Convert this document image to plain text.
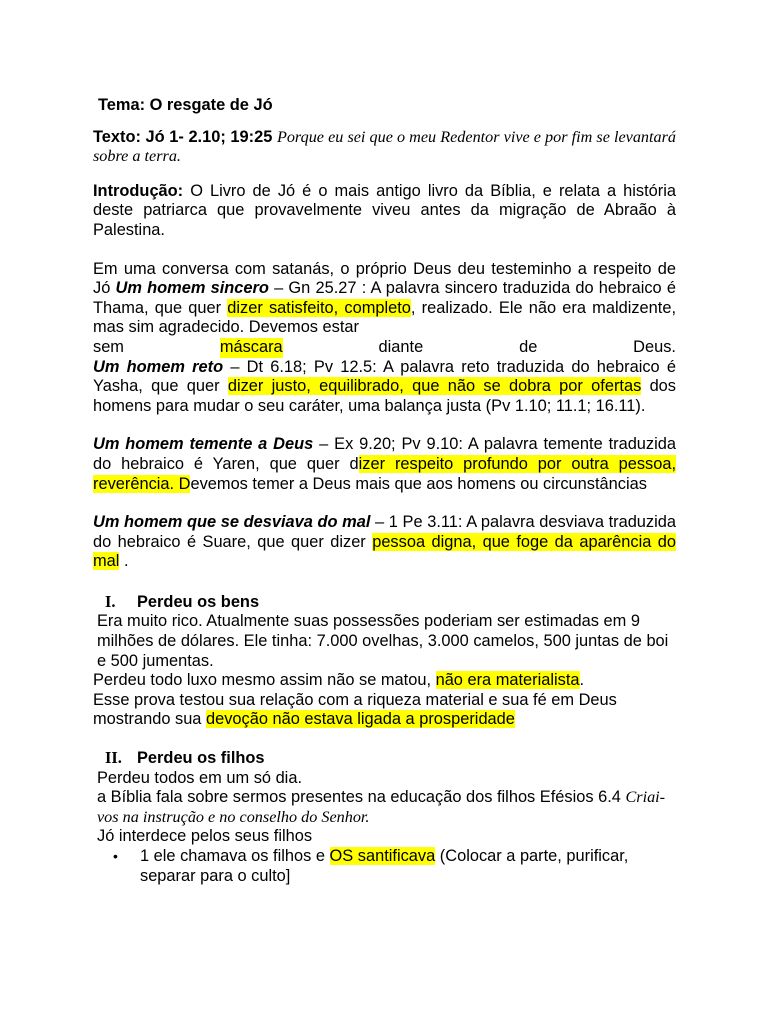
Tema: O resgate de Jó

Texto: Jó 1- 2.10; 19:25 Porque eu sei que o meu Redentor vive e por fim se levantará sobre a terra.

Introdução: O Livro de Jó é o mais antigo livro da Bíblia, e relata a história deste patriarca que provavelmente viveu antes da migração de Abraão à Palestina.

Em uma conversa com satanás, o próprio Deus deu testeminho a respeito de Jó Um homem sincero – Gn 25.27 : A palavra sincero traduzida do hebraico é Thama, que quer dizer satisfeito, completo, realizado. Ele não era maldizente, mas sim agradecido. Devemos estar

sem	máscara	diante	de	Deus.

Um homem reto – Dt 6.18; Pv 12.5: A palavra reto traduzida do hebraico é Yasha, que quer dizer justo, equilibrado, que não se dobra por ofertas dos homens para mudar o seu caráter, uma balança justa (Pv 1.10; 11.1; 16.11).

Um homem temente a Deus – Ex 9.20; Pv 9.10: A palavra temente traduzida do hebraico é Yaren, que quer dizer respeito profundo por outra pessoa, reverência. Devemos temer a Deus mais que aos homens ou circunstâncias

Um homem que se desviava do mal – 1 Pe 3.11: A palavra desviava traduzida do hebraico é Suare, que quer dizer pessoa digna, que foge da aparência do mal .

I. Perdeu os bens

Era muito rico. Atualmente suas possessões poderiam ser estimadas em 9 milhões de dólares. Ele tinha: 7.000 ovelhas, 3.000 camelos, 500 juntas de boi e 500 jumentas.

Perdeu todo luxo mesmo assim não se matou, não era materialista.

Esse prova testou sua relação com a riqueza material e sua fé em Deus mostrando sua devoção não estava ligada a prosperidade

II. Perdeu os filhos

Perdeu todos em um só dia.

a Bíblia fala sobre sermos presentes na educação dos filhos Efésios 6.4 Criai-vos na instrução e no conselho do Senhor.

Jó interdece pelos seus filhos

•	1 ele chamava os filhos e OS santificava (Colocar a parte, purificar, separar para o culto]
